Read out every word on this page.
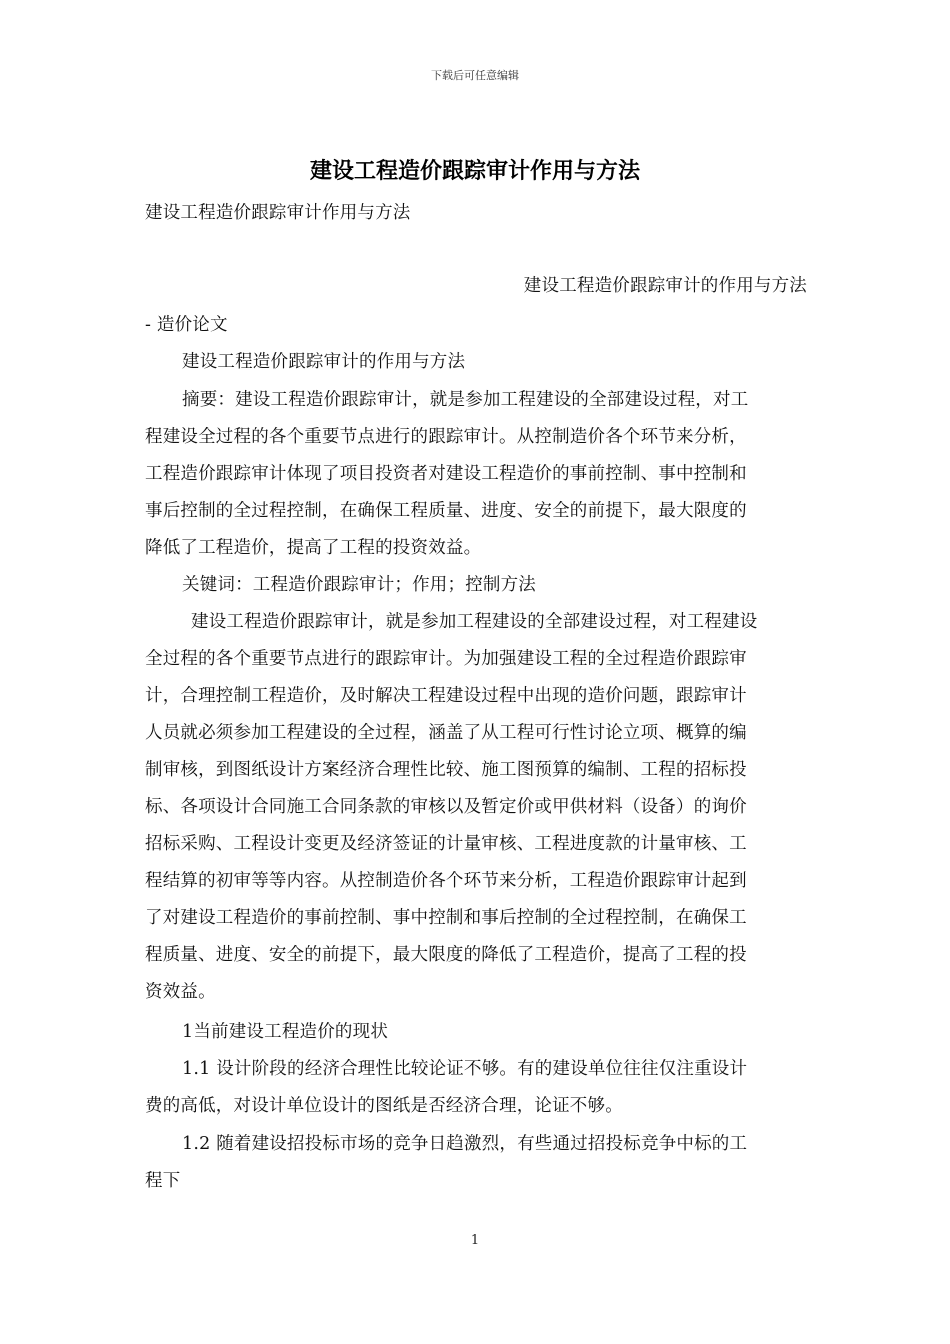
下载后可任意编辑
建设工程造价跟踪审计作用与方法
建设工程造价跟踪审计作用与方法
建设工程造价跟踪审计的作用与方法
- 造价论文
建设工程造价跟踪审计的作用与方法
摘要：建设工程造价跟踪审计，就是参加工程建设的全部建设过程，对工
程建设全过程的各个重要节点进行的跟踪审计。从控制造价各个环节来分析，
工程造价跟踪审计体现了项目投资者对建设工程造价的事前控制、事中控制和
事后控制的全过程控制，在确保工程质量、进度、安全的前提下，最大限度的
降低了工程造价，提高了工程的投资效益。
关键词：工程造价跟踪审计；作用；控制方法
建设工程造价跟踪审计，就是参加工程建设的全部建设过程，对工程建设
全过程的各个重要节点进行的跟踪审计。为加强建设工程的全过程造价跟踪审
计，合理控制工程造价，及时解决工程建设过程中出现的造价问题，跟踪审计
人员就必须参加工程建设的全过程，涵盖了从工程可行性讨论立项、概算的编
制审核，到图纸设计方案经济合理性比较、施工图预算的编制、工程的招标投
标、各项设计合同施工合同条款的审核以及暂定价或甲供材料（设备）的询价
招标采购、工程设计变更及经济签证的计量审核、工程进度款的计量审核、工
程结算的初审等等内容。从控制造价各个环节来分析，工程造价跟踪审计起到
了对建设工程造价的事前控制、事中控制和事后控制的全过程控制，在确保工
程质量、进度、安全的前提下，最大限度的降低了工程造价，提高了工程的投
资效益。
1当前建设工程造价的现状
1.1 设计阶段的经济合理性比较论证不够。有的建设单位往往仅注重设计
费的高低，对设计单位设计的图纸是否经济合理，论证不够。
1.2 随着建设招投标市场的竞争日趋激烈，有些通过招投标竞争中标的工
程下
1
